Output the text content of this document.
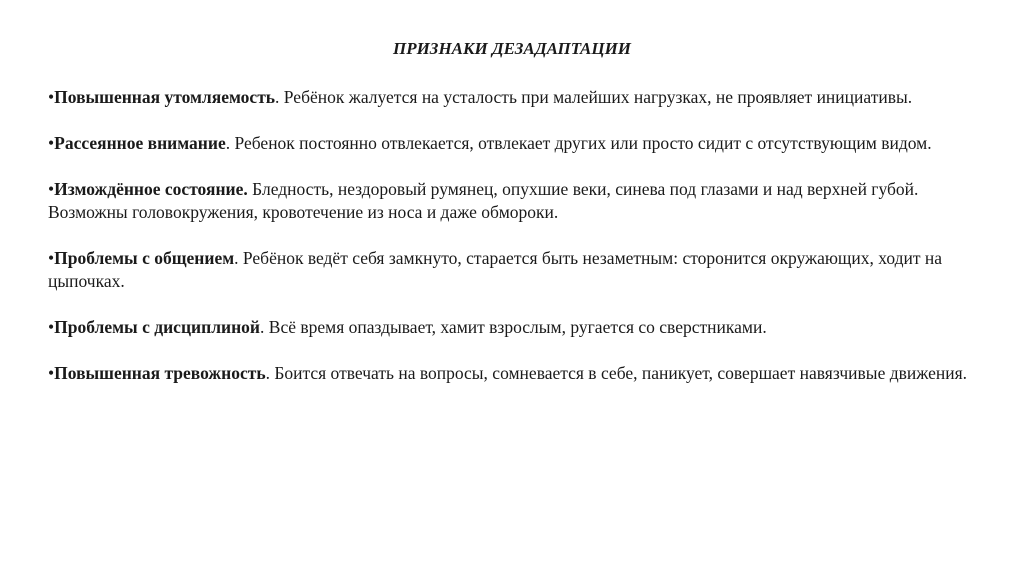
ПРИЗНАКИ ДЕЗАДАПТАЦИИ

•Повышенная утомляемость. Ребёнок жалуется на усталость при малейших нагрузках, не проявляет инициативы.

•Рассеянное внимание. Ребенок постоянно отвлекается, отвлекает других или просто сидит с отсутствующим видом.

•Измождённое состояние. Бледность, нездоровый румянец, опухшие веки, синева под глазами и над верхней губой. Возможны головокружения, кровотечение из носа и даже обмороки.

•Проблемы с общением. Ребёнок ведёт себя замкнуто, старается быть незаметным: сторонится окружающих, ходит на цыпочках.

•Проблемы с дисциплиной. Всё время опаздывает, хамит взрослым, ругается со сверстниками.

•Повышенная тревожность. Боится отвечать на вопросы, сомневается в себе, паникует, совершает навязчивые движения.
